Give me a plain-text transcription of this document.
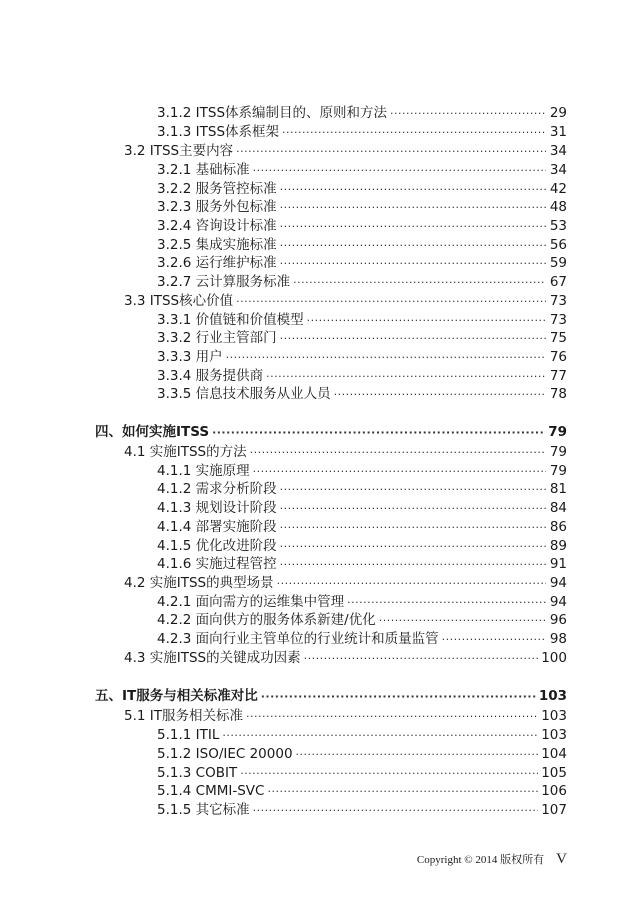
3.1.2 ITSS体系编制目的、原则和方法 ·····	29
3.1.3 ITSS体系框架 ·····	31
3.2 ITSS主要内容 ·····	34
3.2.1 基础标准 ·····	34
3.2.2 服务管控标准 ·····	42
3.2.3 服务外包标准 ·····	48
3.2.4 咨询设计标准 ·····	53
3.2.5 集成实施标准 ·····	56
3.2.6 运行维护标准 ·····	59
3.2.7 云计算服务标准 ·····	67
3.3 ITSS核心价值 ·····	73
3.3.1 价值链和价值模型 ·····	73
3.3.2 行业主管部门 ·····	75
3.3.3 用户 ·····	76
3.3.4 服务提供商 ·····	77
3.3.5 信息技术服务从业人员 ·····	78
四、如何实施ITSS ·····	79
4.1 实施ITSS的方法 ·····	79
4.1.1 实施原理 ·····	79
4.1.2 需求分析阶段 ·····	81
4.1.3 规划设计阶段 ·····	84
4.1.4 部署实施阶段 ·····	86
4.1.5 优化改进阶段 ·····	89
4.1.6 实施过程管控 ·····	91
4.2 实施ITSS的典型场景 ·····	94
4.2.1 面向需方的运维集中管理 ·····	94
4.2.2 面向供方的服务体系新建/优化 ·····	96
4.2.3 面向行业主管单位的行业统计和质量监管 ·····	98
4.3 实施ITSS的关键成功因素 ·····	100
五、IT服务与相关标准对比 ·····	103
5.1 IT服务相关标准 ·····	103
5.1.1 ITIL ·····	103
5.1.2 ISO/IEC 20000 ·····	104
5.1.3 COBIT ·····	105
5.1.4 CMMI-SVC ·····	106
5.1.5 其它标准 ·····	107
Copyright © 2014 版权所有 V
